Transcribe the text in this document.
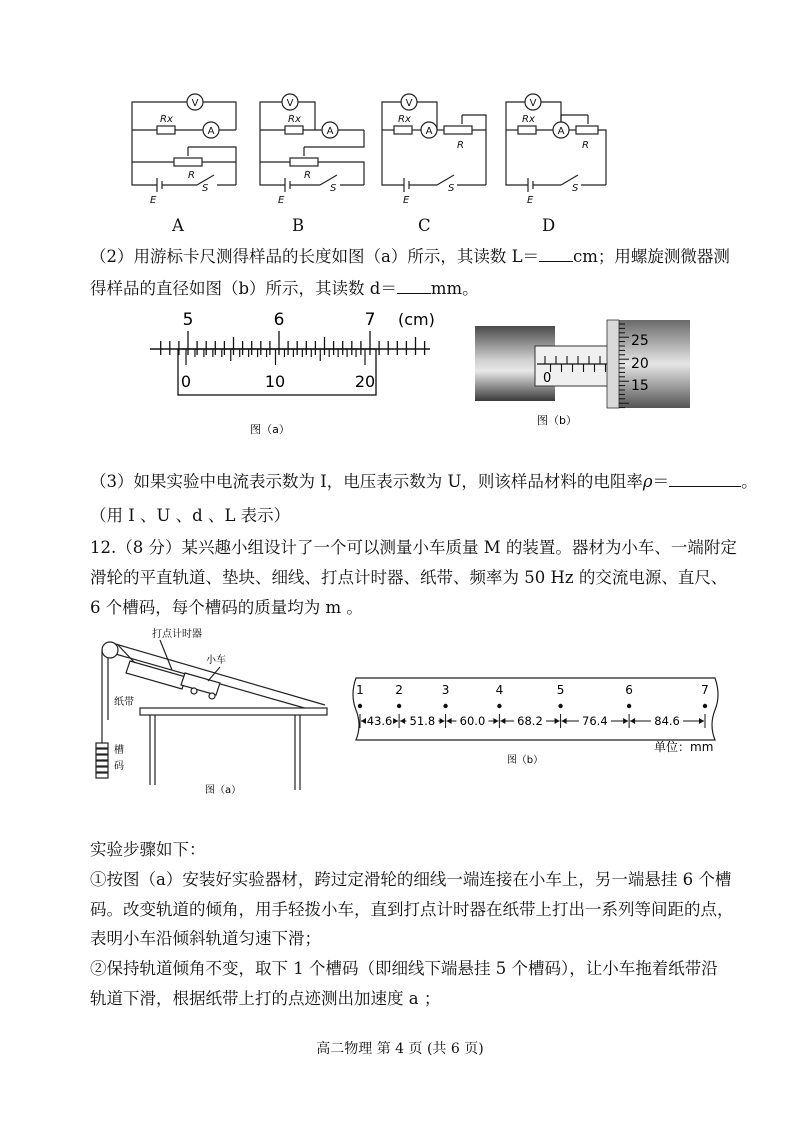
V
A
V
A
V
A
V
A
Rx
R
E
S
Rx
R
E
S
Rx
R
E
S
Rx
R
E
S
A	B	C	D
（2）用游标卡尺测得样品的长度如图（a）所示，其读数 L＝ cm；用螺旋测微器测
得样品的直径如图（b）所示，其读数 d＝ mm。
5	6	7 (cm)
0	10	20
图（a）
0
25
20
15
图（b）
（3）如果实验中电流表示数为 I，电压表示数为 U，则该样品材料的电阻率ρ＝	。
（用 I 、U 、d 、L 表示）
12.（8 分）某兴趣小组设计了一个可以测量小车质量 M 的装置。器材为小车、一端附定
滑轮的平直轨道、垫块、细线、打点计时器、纸带、频率为 50 Hz 的交流电源、直尺、
6 个槽码，每个槽码的质量均为 m 。
打点计时器
小车
纸带
槽
码
图（a）
1	2	3	4	5	6	7
43.6 51.8 60.0	68.2	76.4	84.6
单位：mm
图（b）
实验步骤如下：
①按图（a）安装好实验器材，跨过定滑轮的细线一端连接在小车上，另一端悬挂 6 个槽
码。改变轨道的倾角，用手轻拨小车，直到打点计时器在纸带上打出一系列等间距的点，
表明小车沿倾斜轨道匀速下滑；
②保持轨道倾角不变，取下 1 个槽码（即细线下端悬挂 5 个槽码），让小车拖着纸带沿
轨道下滑，根据纸带上打的点迹测出加速度 a ；
高二物理 第 4 页 (共 6 页)
